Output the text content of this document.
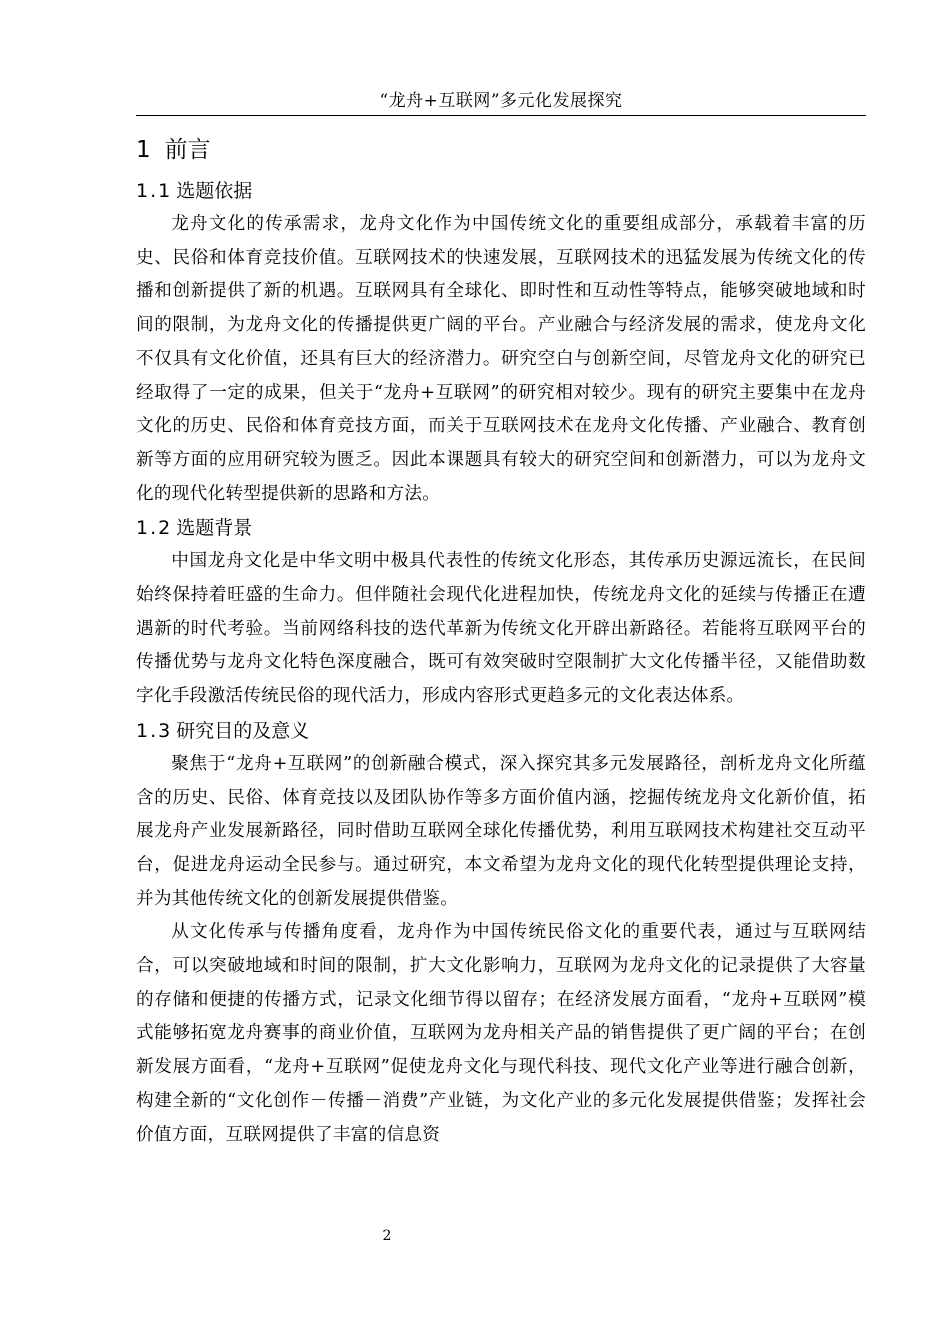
“龙舟+互联网”多元化发展探究
1 前言
1.1 选题依据

龙舟文化的传承需求，龙舟文化作为中国传统文化的重要组成部分，承载着丰富的历史、民俗和体育竞技价值。互联网技术的快速发展，互联网技术的迅猛发展为传统文化的传播和创新提供了新的机遇。互联网具有全球化、即时性和互动性等特点，能够突破地域和时间的限制，为龙舟文化的传播提供更广阔的平台。产业融合与经济发展的需求，使龙舟文化不仅具有文化价值，还具有巨大的经济潜力。研究空白与创新空间，尽管龙舟文化的研究已经取得了一定的成果，但关于“龙舟+互联网”的研究相对较少。现有的研究主要集中在龙舟文化的历史、民俗和体育竞技方面，而关于互联网技术在龙舟文化传播、产业融合、教育创新等方面的应用研究较为匮乏。因此本课题具有较大的研究空间和创新潜力，可以为龙舟文化的现代化转型提供新的思路和方法。

1.2 选题背景

中国龙舟文化是中华文明中极具代表性的传统文化形态，其传承历史源远流长，在民间始终保持着旺盛的生命力。但伴随社会现代化进程加快，传统龙舟文化的延续与传播正在遭遇新的时代考验。当前网络科技的迭代革新为传统文化开辟出新路径。若能将互联网平台的传播优势与龙舟文化特色深度融合，既可有效突破时空限制扩大文化传播半径，又能借助数字化手段激活传统民俗的现代活力，形成内容形式更趋多元的文化表达体系。

1.3 研究目的及意义

聚焦于“龙舟+互联网”的创新融合模式，深入探究其多元发展路径，剖析龙舟文化所蕴含的历史、民俗、体育竞技以及团队协作等多方面价值内涵，挖掘传统龙舟文化新价值，拓展龙舟产业发展新路径，同时借助互联网全球化传播优势，利用互联网技术构建社交互动平台，促进龙舟运动全民参与。通过研究，本文希望为龙舟文化的现代化转型提供理论支持，并为其他传统文化的创新发展提供借鉴。

从文化传承与传播角度看，龙舟作为中国传统民俗文化的重要代表，通过与互联网结合，可以突破地域和时间的限制，扩大文化影响力，互联网为龙舟文化的记录提供了大容量的存储和便捷的传播方式，记录文化细节得以留存；在经济发展方面看，“龙舟+互联网”模式能够拓宽龙舟赛事的商业价值，互联网为龙舟相关产品的销售提供了更广阔的平台；在创新发展方面看，“龙舟+互联网”促使龙舟文化与现代科技、现代文化产业等进行融合创新，构建全新的“文化创作－传播－消费”产业链，为文化产业的多元化发展提供借鉴；发挥社会价值方面，互联网提供了丰富的信息资

2
